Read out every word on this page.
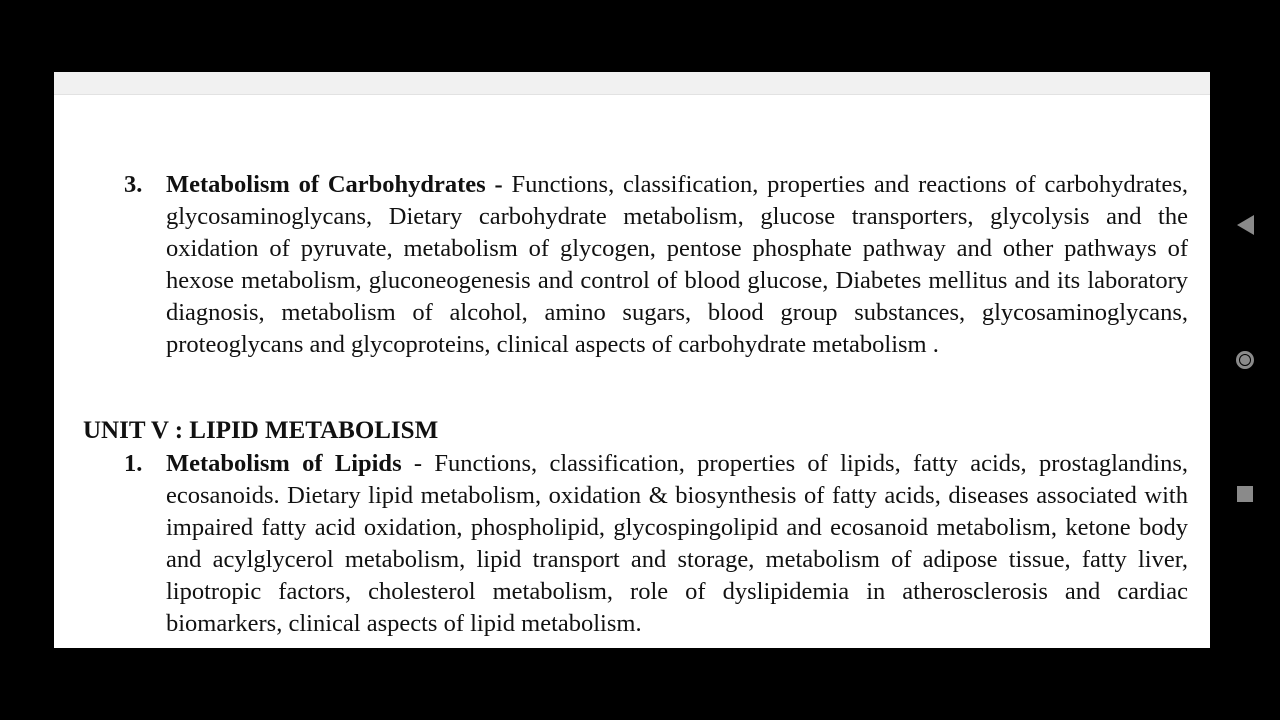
3. Metabolism of Carbohydrates - Functions, classification, properties and reactions of carbohydrates, glycosaminoglycans, Dietary carbohydrate metabolism, glucose transporters, glycolysis and the oxidation of pyruvate, metabolism of glycogen, pentose phosphate pathway and other pathways of hexose metabolism, gluconeogenesis and control of blood glucose, Diabetes mellitus and its laboratory diagnosis, metabolism of alcohol, amino sugars, blood group substances, glycosaminoglycans, proteoglycans and glycoproteins, clinical aspects of carbohydrate metabolism .
UNIT V : LIPID METABOLISM
1. Metabolism of Lipids - Functions, classification, properties of lipids, fatty acids, prostaglandins, ecosanoids. Dietary lipid metabolism, oxidation & biosynthesis of fatty acids, diseases associated with impaired fatty acid oxidation, phospholipid, glycospingolipid and ecosanoid metabolism, ketone body and acylglycerol metabolism, lipid transport and storage, metabolism of adipose tissue, fatty liver, lipotropic factors, cholesterol metabolism, role of dyslipidemia in atherosclerosis and cardiac biomarkers, clinical aspects of lipid metabolism.
